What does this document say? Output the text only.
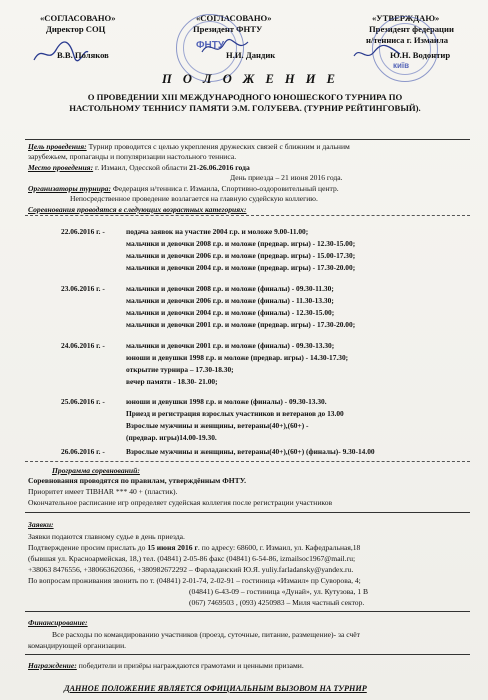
«СОГЛАСОВАНО»
Директор СОЦ
В.В. Поляков
«СОГЛАСОВАНО»
Президент ФНТУ
ФНТУ
Н.И. Дандик
«УТВЕРЖДАЮ»
Президент федерации
н/тенниса г. Измаила
київ
Ю.Н. Водонтир
П О Л О Ж Е Н И Е
О ПРОВЕДЕНИИ XIII МЕЖДУНАРОДНОГО ЮНОШЕСКОГО ТУРНИРА ПО
НАСТОЛЬНОМУ ТЕННИСУ ПАМЯТИ Э.М. ГОЛУБЕВА. (ТУРНИР РЕЙТИНГОВЫЙ).
Цель проведения: Турнир проводится с целью укрепления дружеских связей с ближним и дальним
зарубежьем, пропаганды и популяризации настольного тенниса.
Место проведения: г. Измаил, Одесской области 21-26.06.2016 года
День приезда – 21 июня 2016 года.
Организаторы турнира: Федерация н/тенниса г. Измаила, Спортивно-оздоровительный центр.
Непосредственное проведение возлагается на главную судейскую коллегию.
Соревнования проводятся в следующих возрастных категориях:
22.06.2016 г. -	подача заявок на участие 2004 г.р. и моложе 9.00-11.00;
мальчики и девочки 2008 г.р. и моложе (предвар. игры) - 12.30-15.00;
мальчики и девочки 2006 г.р. и моложе (предвар. игры) - 15.00-17.30;
мальчики и девочки 2004 г.р. и моложе (предвар. игры) - 17.30-20.00;
23.06.2016 г. -	мальчики и девочки 2008 г.р. и моложе (финалы) - 09.30-11.30;
мальчики и девочки 2006 г.р. и моложе (финалы) - 11.30-13.30;
мальчики и девочки 2004 г.р. и моложе (финалы) - 12.30-15.00;
мальчики и девочки 2001 г.р. и моложе (предвар. игры) - 17.30-20.00;
24.06.2016 г. -	мальчики и девочки 2001 г.р. и моложе (финалы) - 09.30-13.30;
юноши и девушки 1998 г.р. и моложе (предвар. игры) - 14.30-17.30;
открытие турнира – 17.30-18.30;
вечер памяти - 18.30- 21.00;
25.06.2016 г. -	юноши и девушки 1998 г.р. и моложе (финалы) - 09.30-13.30.
Приезд и регистрация взрослых участников и ветеранов до 13.00
Взрослые мужчины и женщины, ветераны(40+),(60+) -
(предвар. игры)14.00-19.30.
26.06.2016 г. -	Взрослые мужчины и женщины, ветераны(40+),(60+) (финалы)- 9.30-14.00
Программа соревнований:
Соревнования проводятся по правилам, утверждённым ФНТУ.
Приоритет имеет TIBHAR *** 40 + (пластик).
Окончательное расписание игр определяет судейская коллегия после регистрации участников
Заявки:
Заявки подаются главному судье в день приезда.
Подтверждение просим прислать до 15 июня 2016 г. по адресу: 68600, г. Измаил, ул. Кафедральная,18
(бывшая ул. Красноармейская, 18,) тел. (04841) 2-05-86 факс (04841) 6-54-86, izmailsoc1967@mail.ru;
+38063 8476556, +380663620366, +380982672292 – Фарладанский Ю.Я. yuliy.farladansky@yandex.ru.
По вопросам проживания звонить по т. (04841) 2-01-74, 2-02-91 – гостиница «Измаил» пр Суворова, 4;
(04841) 6-43-09 – гостиница «Дунай», ул. Кутузова, 1 В
(067) 7469503 , (093) 4250983 – Миля частный сектор.
Финансирование:
Все расходы по командированию участников (проезд, суточные, питание, размещение)- за счёт
командирующей организации.
Награждение: победители и призёры награждаются грамотами и ценными призами.
ДАННОЕ ПОЛОЖЕНИЕ ЯВЛЯЕТСЯ ОФИЦИАЛЬНЫМ ВЫЗОВОМ НА ТУРНИР
